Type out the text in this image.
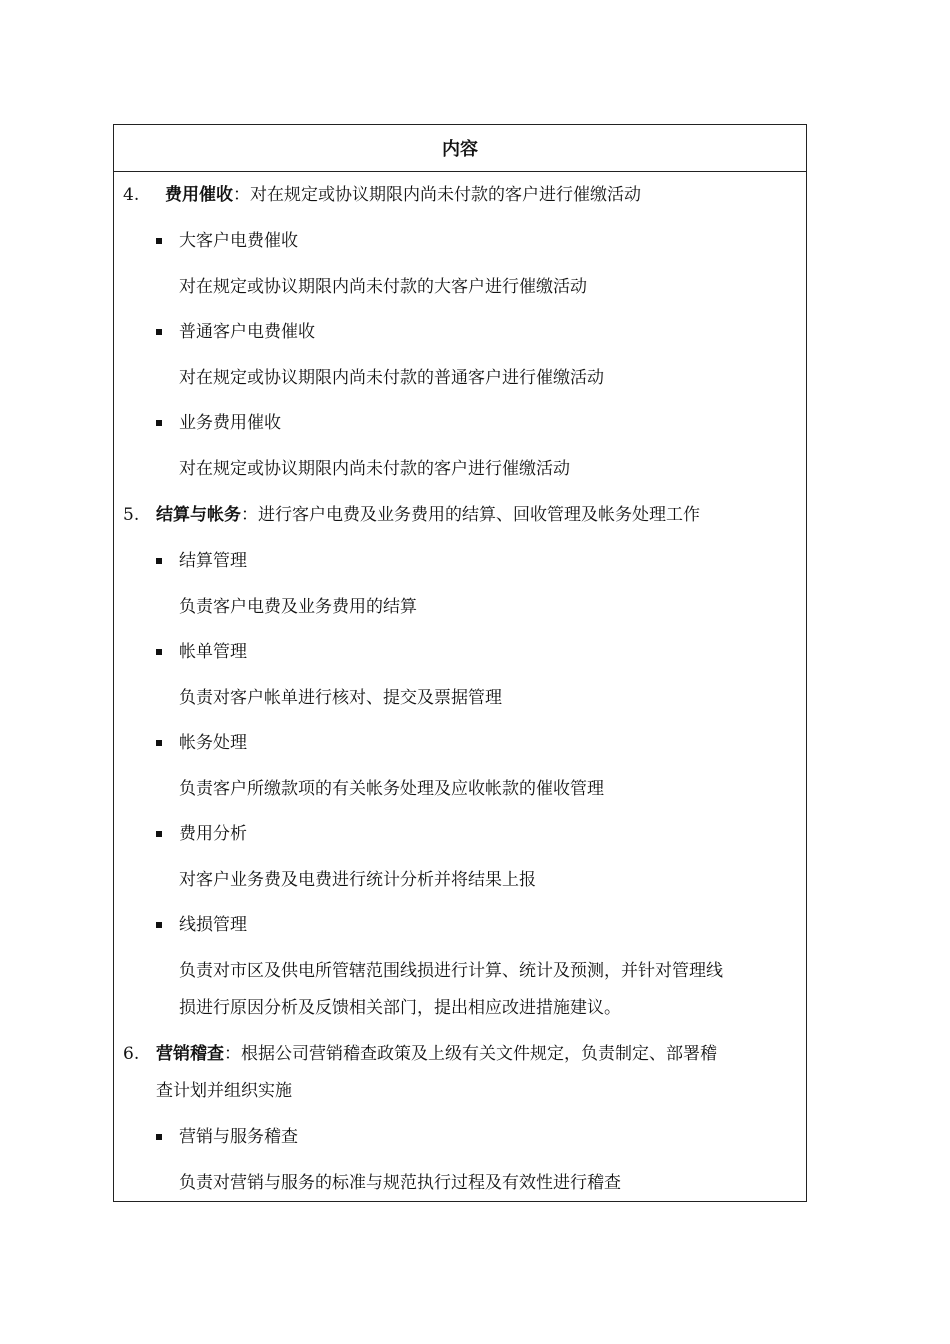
内容
4. 费用催收：对在规定或协议期限内尚未付款的客户进行催缴活动
大客户电费催收
对在规定或协议期限内尚未付款的大客户进行催缴活动
普通客户电费催收
对在规定或协议期限内尚未付款的普通客户进行催缴活动
业务费用催收
对在规定或协议期限内尚未付款的客户进行催缴活动
5. 结算与帐务：进行客户电费及业务费用的结算、回收管理及帐务处理工作
结算管理
负责客户电费及业务费用的结算
帐单管理
负责对客户帐单进行核对、提交及票据管理
帐务处理
负责客户所缴款项的有关帐务处理及应收帐款的催收管理
费用分析
对客户业务费及电费进行统计分析并将结果上报
线损管理
负责对市区及供电所管辖范围线损进行计算、统计及预测，并针对管理线
损进行原因分析及反馈相关部门，提出相应改进措施建议。
6. 营销稽查：根据公司营销稽查政策及上级有关文件规定，负责制定、部署稽
查计划并组织实施
营销与服务稽查
负责对营销与服务的标准与规范执行过程及有效性进行稽查
